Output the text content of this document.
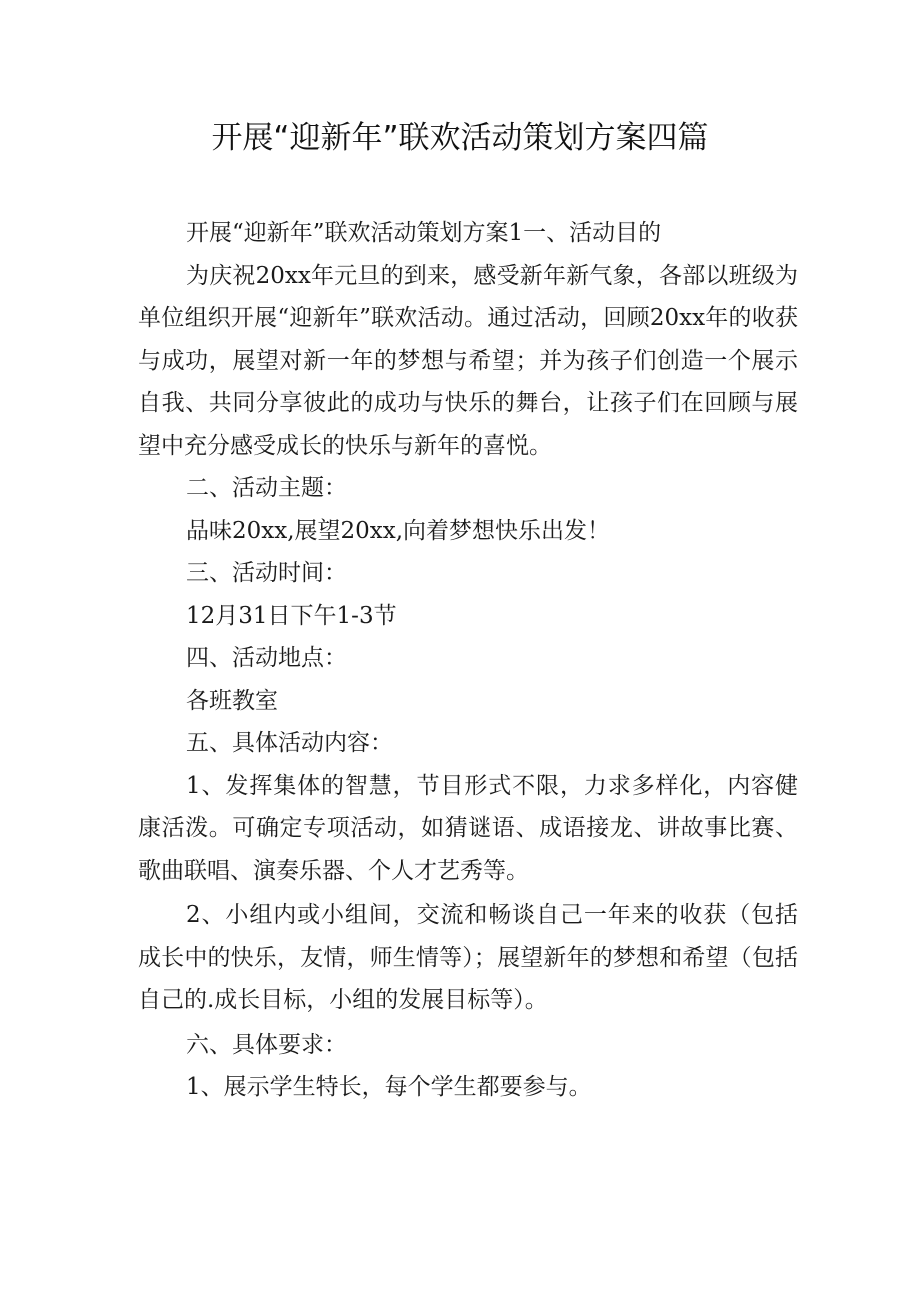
开展“迎新年”联欢活动策划方案四篇

开展“迎新年”联欢活动策划方案1一、活动目的

为庆祝20xx年元旦的到来，感受新年新气象，各部以班级为单位组织开展“迎新年”联欢活动。通过活动，回顾20xx年的收获与成功，展望对新一年的梦想与希望；并为孩子们创造一个展示自我、共同分享彼此的成功与快乐的舞台，让孩子们在回顾与展望中充分感受成长的快乐与新年的喜悦。

二、活动主题：

品味20xx,展望20xx,向着梦想快乐出发！

三、活动时间：

12月31日下午1-3节

四、活动地点：

各班教室

五、具体活动内容：

1、发挥集体的智慧，节目形式不限，力求多样化，内容健康活泼。可确定专项活动，如猜谜语、成语接龙、讲故事比赛、歌曲联唱、演奏乐器、个人才艺秀等。

2、小组内或小组间，交流和畅谈自己一年来的收获（包括成长中的快乐，友情，师生情等）；展望新年的梦想和希望（包括自己的.成长目标，小组的发展目标等）。

六、具体要求：

1、展示学生特长，每个学生都要参与。
